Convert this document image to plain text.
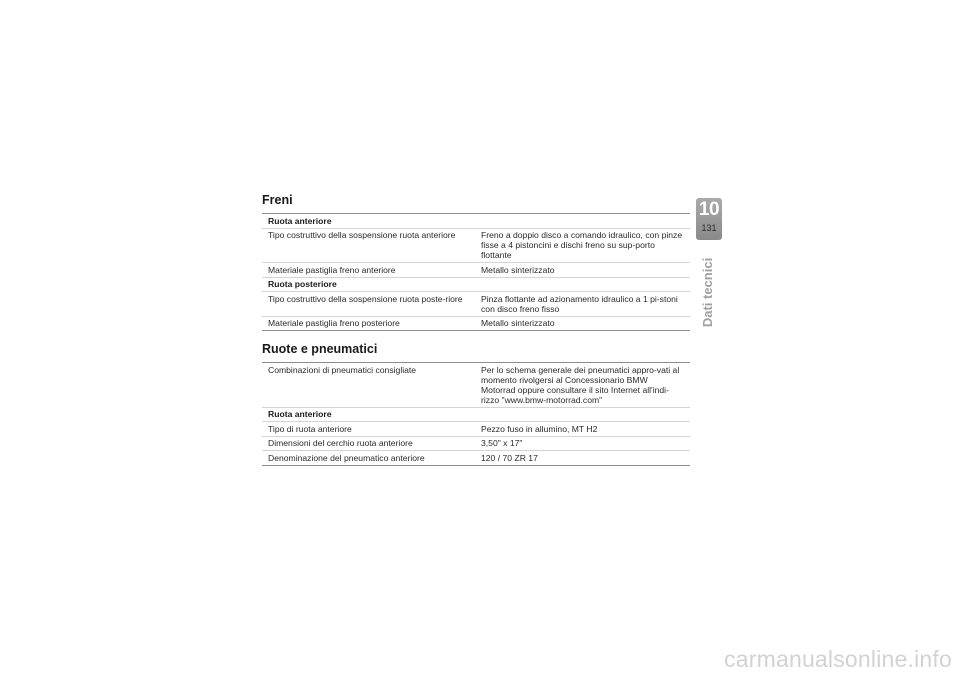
Freni
Ruota anteriore	
Tipo costruttivo della sospensione ruota anteriore	Freno a doppio disco a comando idraulico, con pinze fisse a 4 pistoncini e dischi freno su sup-porto flottante
Materiale pastiglia freno anteriore	Metallo sinterizzato
Ruota posteriore	
Tipo costruttivo della sospensione ruota poste-riore	Pinza flottante ad azionamento idraulico a 1 pi-stoni con disco freno fisso
Materiale pastiglia freno posteriore	Metallo sinterizzato
Ruote e pneumatici
Combinazioni di pneumatici consigliate	Per lo schema generale dei pneumatici appro-vati al momento rivolgersi al Concessionario BMW Motorrad oppure consultare il sito Internet all'indi-rizzo "www.bmw-motorrad.com"
Ruota anteriore	
Tipo di ruota anteriore	Pezzo fuso in allumino, MT H2
Dimensioni del cerchio ruota anteriore	3,50" x 17"
Denominazione del pneumatico anteriore	120 / 70 ZR 17
10
131
Dati tecnici
carmanualsonline.info
